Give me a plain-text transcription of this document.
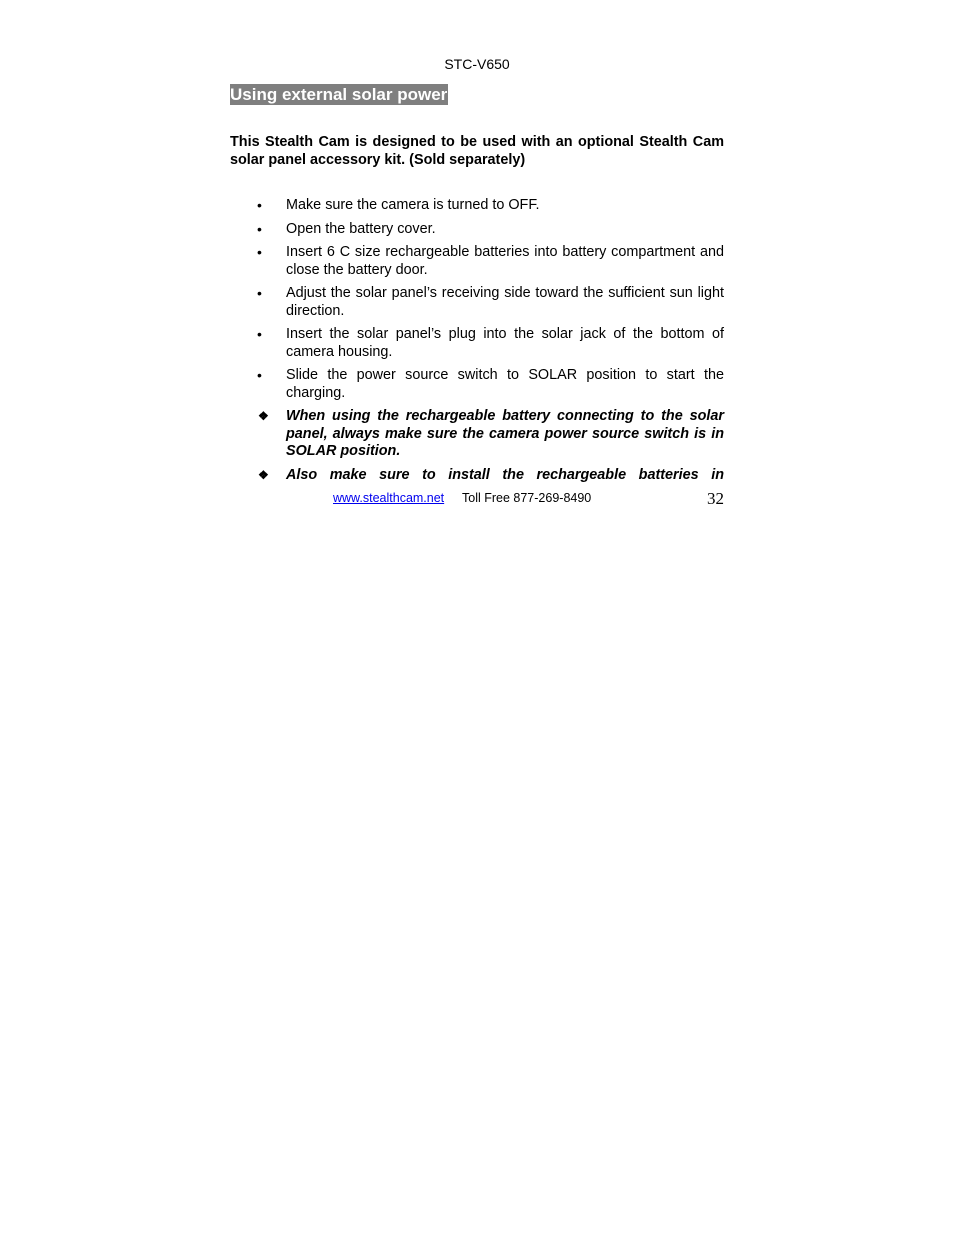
STC-V650
Using external solar power

This Stealth Cam is designed to be used with an optional Stealth Cam solar panel accessory kit. (Sold separately)

• Make sure the camera is turned to OFF.
• Open the battery cover.
• Insert 6 C size rechargeable batteries into battery compartment and close the battery door.
• Adjust the solar panel’s receiving side toward the sufficient sun light direction.
• Insert the solar panel’s plug into the solar jack of the bottom of camera housing.
• Slide the power source switch to SOLAR position to start the charging.
❖ When using the rechargeable battery connecting to the solar panel, always make sure the camera power source switch is in SOLAR position.
❖ Also make sure to install the rechargeable batteries in
www.stealthcam.net Toll Free 877-269-8490	32
